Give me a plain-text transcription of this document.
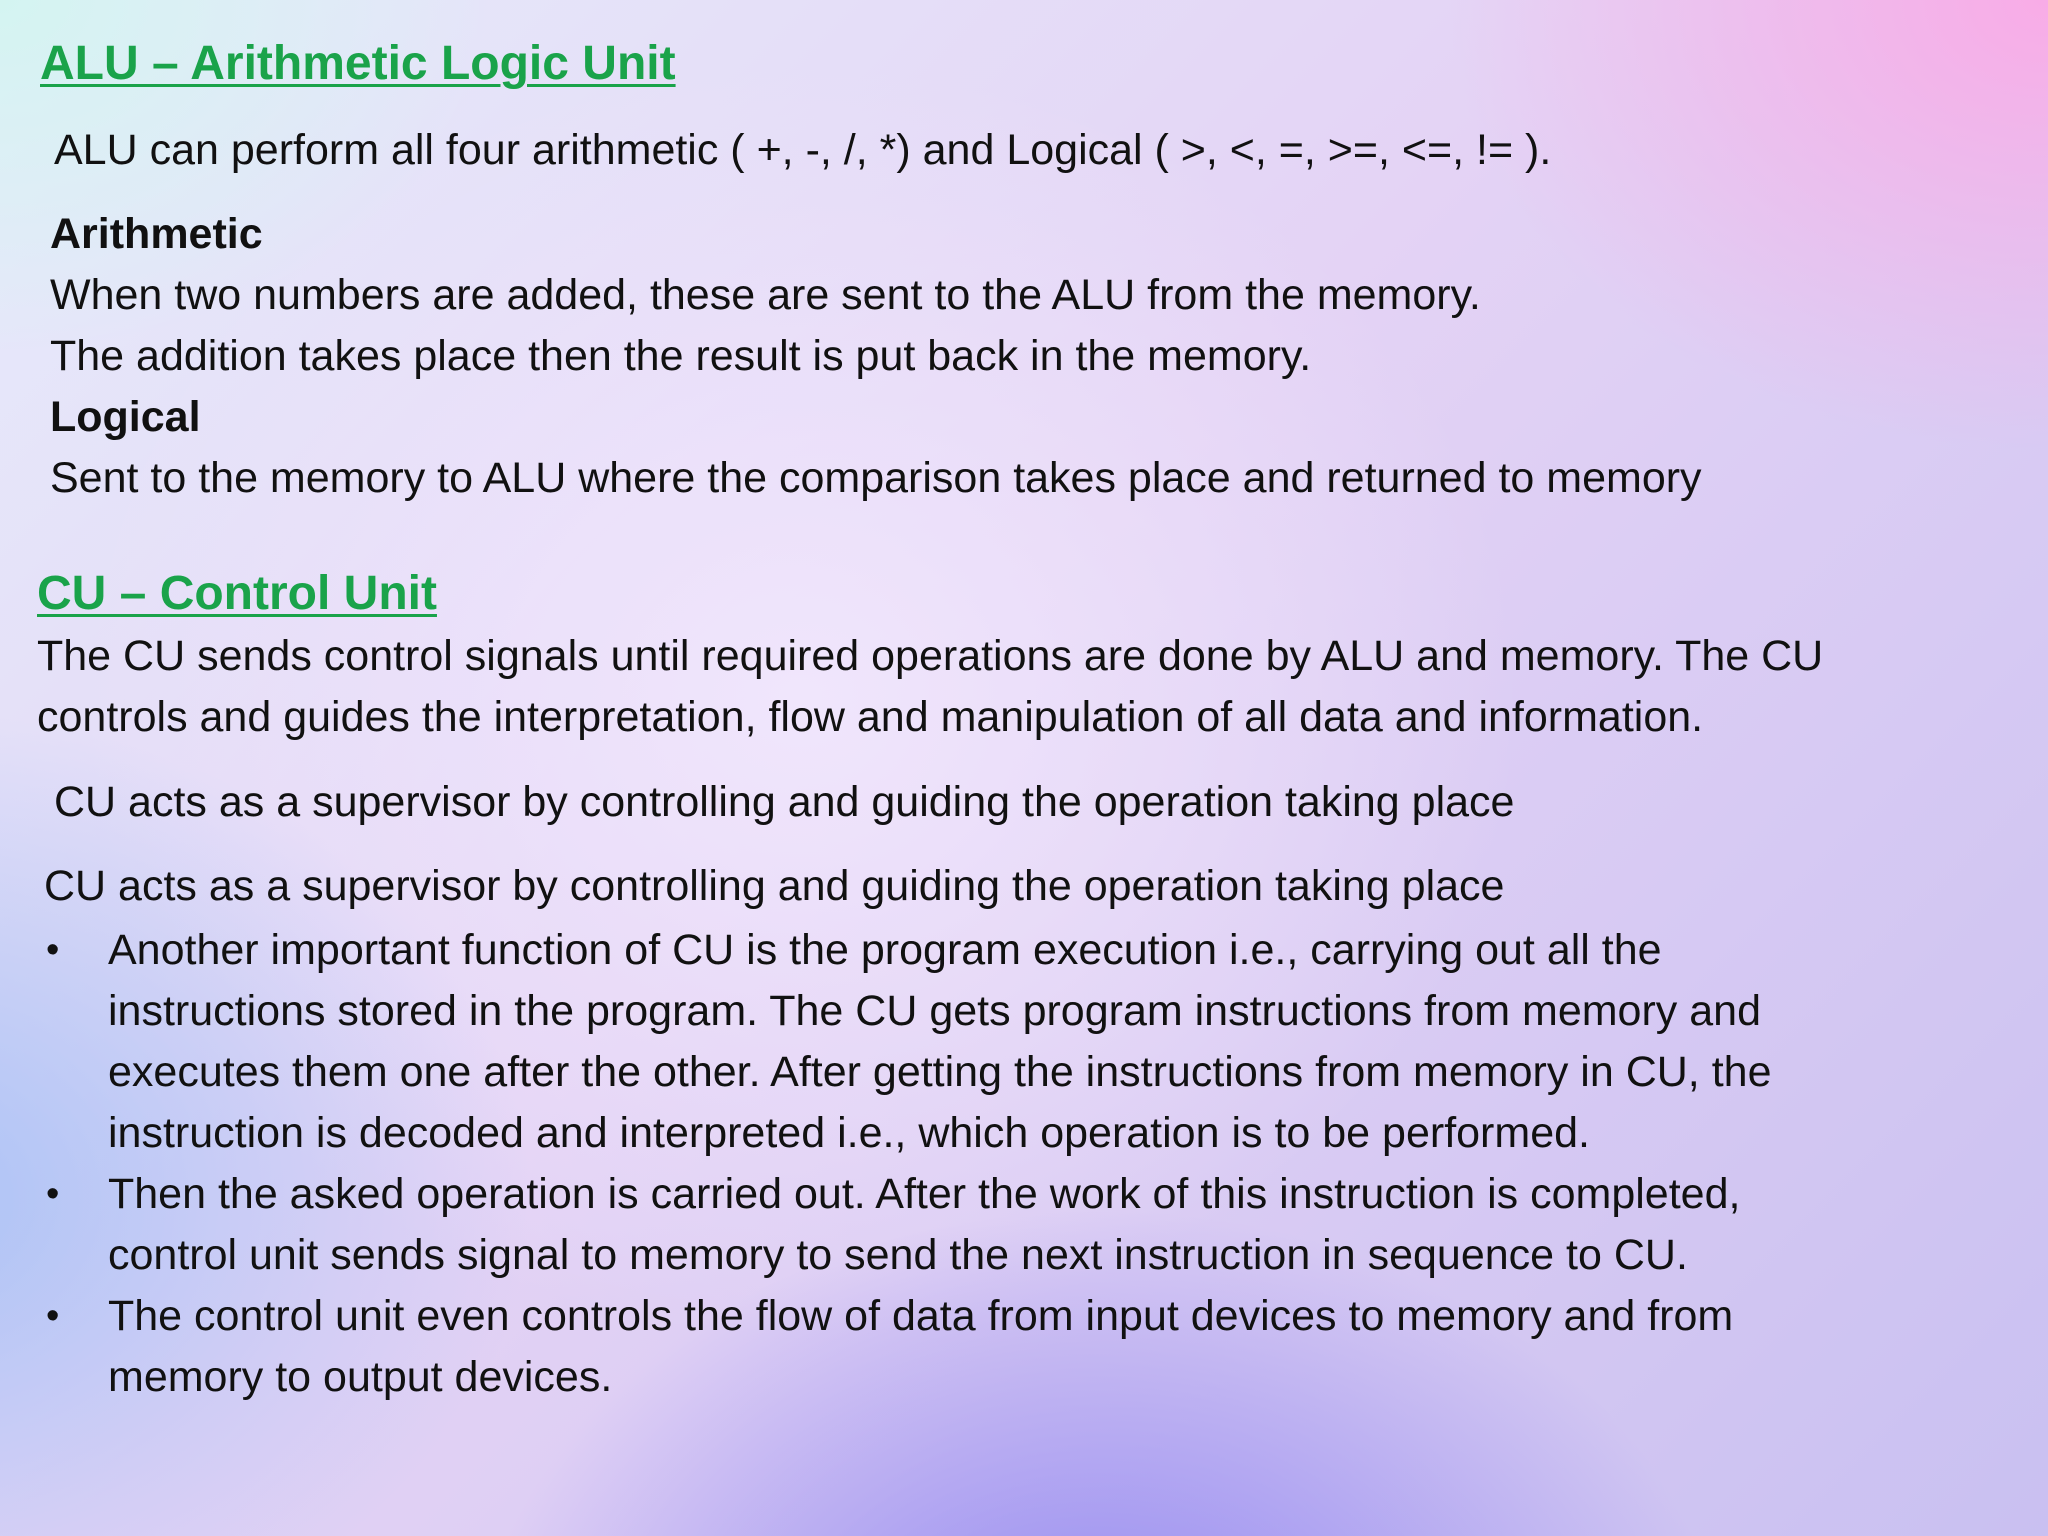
ALU – Arithmetic Logic Unit
ALU can perform all four arithmetic ( +, -, /, *) and Logical ( >, <, =, >=, <=, != ).
Arithmetic
When two numbers are added, these are sent to the ALU from the memory.
The addition takes place then the result is put back in the memory.
Logical
Sent to the memory to ALU where the comparison takes place and returned to memory
CU – Control Unit
The CU sends control signals until required operations are done by ALU and memory. The CU
controls and guides the interpretation, flow and manipulation of all data and information.
CU acts as a supervisor by controlling and guiding the operation taking place
CU acts as a supervisor by controlling and guiding the operation taking place
• Another important function of CU is the program execution i.e., carrying out all the
instructions stored in the program. The CU gets program instructions from memory and
executes them one after the other. After getting the instructions from memory in CU, the
instruction is decoded and interpreted i.e., which operation is to be performed.
• Then the asked operation is carried out. After the work of this instruction is completed,
control unit sends signal to memory to send the next instruction in sequence to CU.
• The control unit even controls the flow of data from input devices to memory and from
memory to output devices.
